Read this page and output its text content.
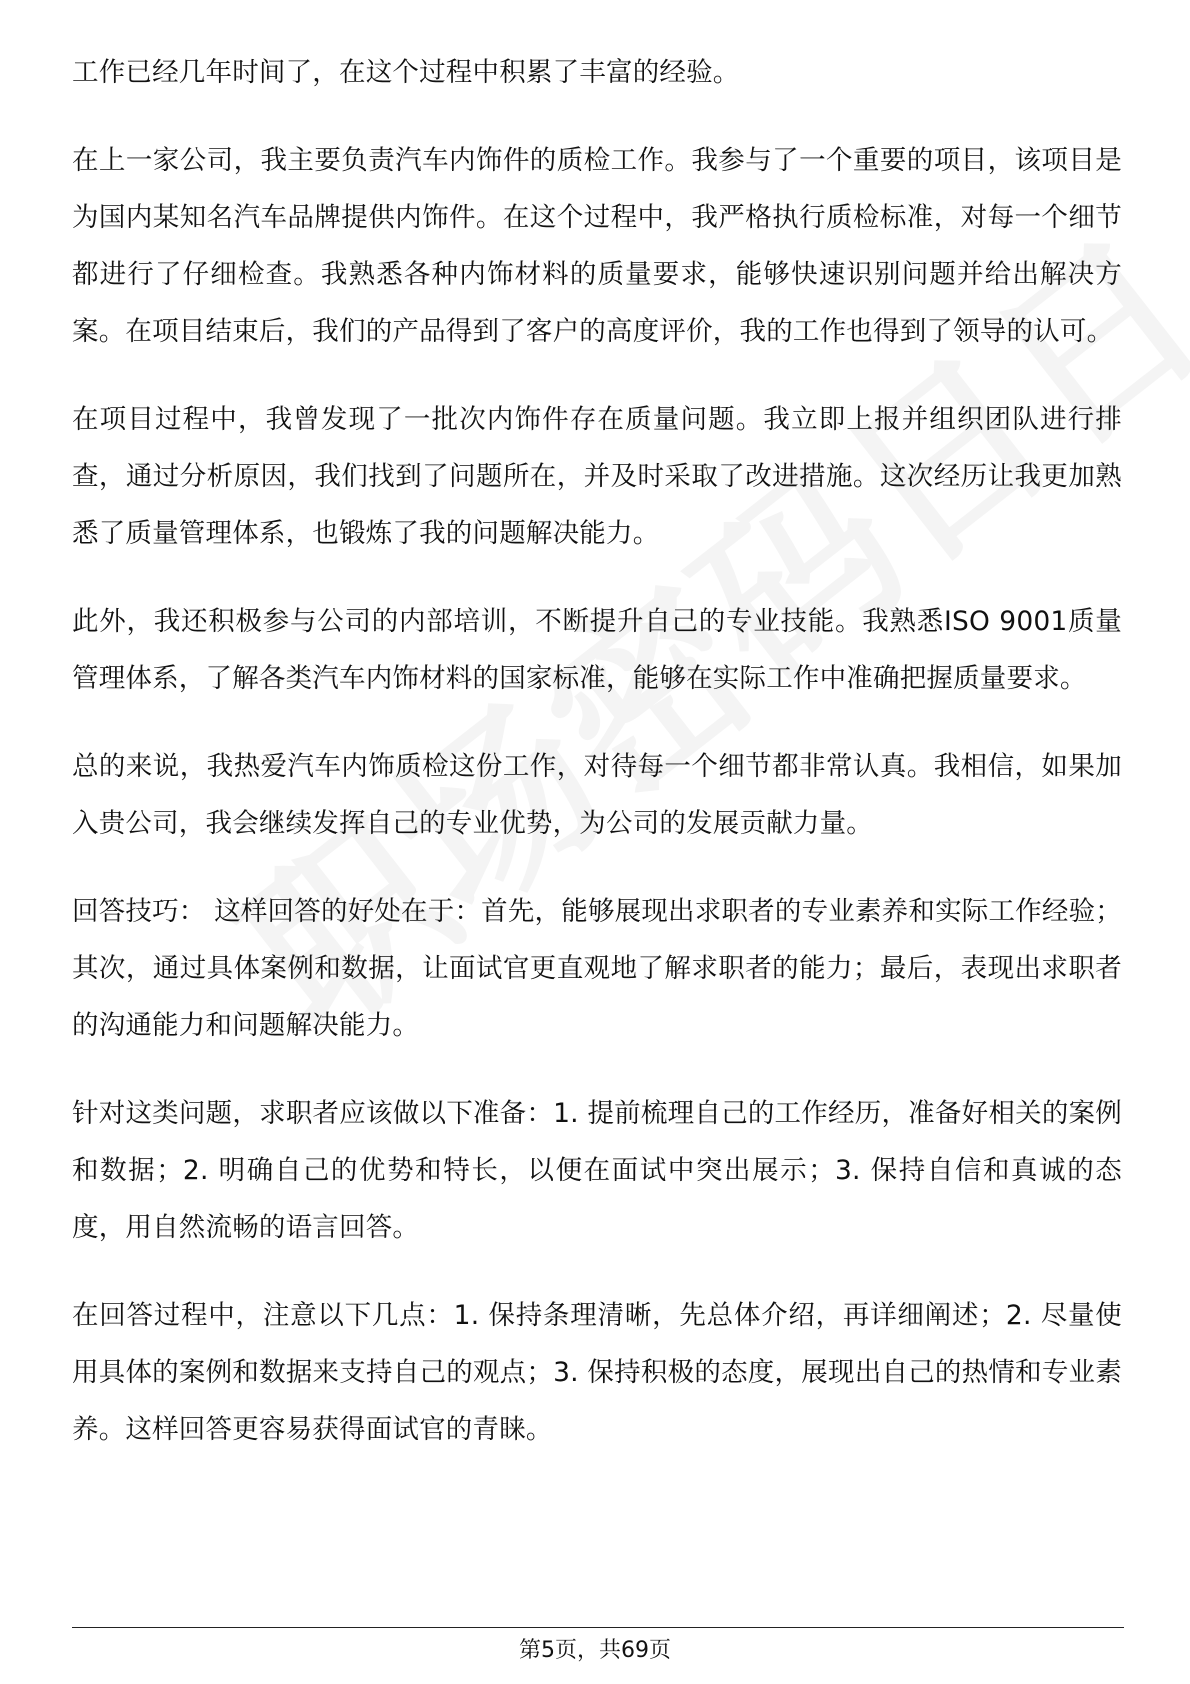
工作已经几年时间了，在这个过程中积累了丰富的经验。

在上一家公司，我主要负责汽车内饰件的质检工作。我参与了一个重要的项目，该项目是为国内某知名汽车品牌提供内饰件。在这个过程中，我严格执行质检标准，对每一个细节都进行了仔细检查。我熟悉各种内饰材料的质量要求，能够快速识别问题并给出解决方案。在项目结束后，我们的产品得到了客户的高度评价，我的工作也得到了领导的认可。

在项目过程中，我曾发现了一批次内饰件存在质量问题。我立即上报并组织团队进行排查，通过分析原因，我们找到了问题所在，并及时采取了改进措施。这次经历让我更加熟悉了质量管理体系，也锻炼了我的问题解决能力。

此外，我还积极参与公司的内部培训，不断提升自己的专业技能。我熟悉ISO 9001质量管理体系，了解各类汽车内饰材料的国家标准，能够在实际工作中准确把握质量要求。

总的来说，我热爱汽车内饰质检这份工作，对待每一个细节都非常认真。我相信，如果加入贵公司，我会继续发挥自己的专业优势，为公司的发展贡献力量。

回答技巧： 这样回答的好处在于：首先，能够展现出求职者的专业素养和实际工作经验；其次，通过具体案例和数据，让面试官更直观地了解求职者的能力；最后，表现出求职者的沟通能力和问题解决能力。

针对这类问题，求职者应该做以下准备：1. 提前梳理自己的工作经历，准备好相关的案例和数据；2. 明确自己的优势和特长，以便在面试中突出展示；3. 保持自信和真诚的态度，用自然流畅的语言回答。

在回答过程中，注意以下几点：1. 保持条理清晰，先总体介绍，再详细阐述；2. 尽量使用具体的案例和数据来支持自己的观点；3. 保持积极的态度，展现出自己的热情和专业素养。这样回答更容易获得面试官的青睐。

第5页，共69页
